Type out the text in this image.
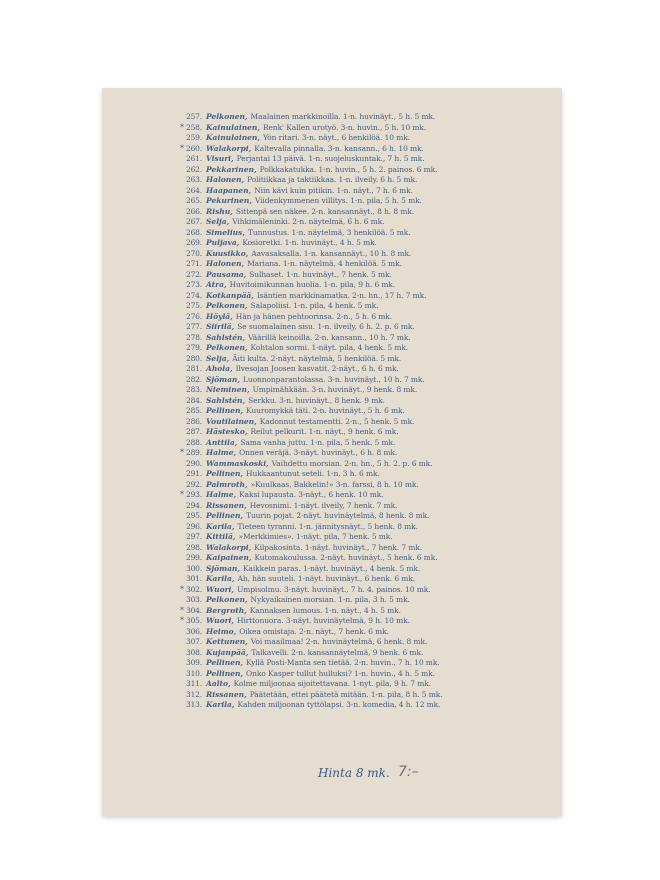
257. Pelkonen, Maalainen markkinoilla. 1-n. huvinäyt., 5 h. 5 mk.
* 258. Kainulainen, Renk' Kallen urotyö. 3-n. huvin., 5 h. 10 mk.
259. Kainulainen, Yön ritari. 3-n. näyt., 6 henkilöä. 10 mk.
* 260. Walakorpi, Kaltevalla pinnalla. 3-n. kansann., 6 h. 10 mk.
261. Visuri, Perjantai 13 päivä. 1-n. suojeluskuntak., 7 h. 5 mk.
262. Pekkarinen, Polkkakatukka. 1-n. huvin., 5 h. 2. painos. 6 mk.
263. Halonen, Politiikkaa ja taktiikkaa. 1-n. ilveily. 6 h. 5 mk.
264. Haapanen, Niin kävi kuin pitikin. 1-n. näyt., 7 h. 6 mk.
265. Pekurinen, Viidenkymmenen villitys. 1-n. pila, 5 h. 5 mk.
266. Rishu, Sittenpä sen näkee. 2-n. kansannäyt., 8 h. 8 mk.
267. Selja, Vihkimäleninki. 2-n. näytelmä, 6 h. 6 mk.
268. Simelius, Tunnustus. 1-n. näytelmä, 3 henkilöä. 5 mk.
269. Puljava, Kosioretki. 1-n. huvinäyt., 4 h. 5 mk.
270. Kuusikko, Aavasaksalla. 1-n. kansannäyt., 10 h. 8 mk.
271. Halonen, Mariana. 1-n. näytelmä, 4 henkilöä. 5 mk.
272. Pausama, Sulhaset. 1-n. huvinäyt., 7 henk. 5 mk.
273. Atra, Huvitoimikunnan huolia. 1-n. pila, 9 h. 6 mk.
274. Kotkanpää, Isäntien markkinamatka. 2-n. hn., 17 h. 7 mk.
275. Pelkonen, Salapoliisi. 1-n. pila, 4 henk. 5 mk.
276. Höylä, Hän ja hänen pehtoorinsa. 2-n., 5 h. 6 mk.
277. Siirilä, Se suomalainen sisu. 1-n. ilveily, 6 h. 2. p. 6 mk.
278. Sahlstén, Väärillä keinoilla. 2-n. kansann., 10 h. 7 mk.
279. Pelkonen, Kohtalon sormi. 1-näyt. pila, 4 henk. 5 mk.
280. Selja, Äiti kulta. 2-näyt. näytelmä, 5 henkilöä. 5 mk.
281. Ahola, Ilvesojan Joosen kasvatit. 2-näyt., 6 h. 6 mk.
282. Sjöman, Luonnonparantolassa. 3-n. huvinäyt., 10 h. 7 mk.
283. Nieminen, Umpimähkään. 3-n. huvinäyt., 9 henk. 8 mk.
284. Sahlstén, Serkku. 3-n. huvinäyt., 8 henk. 9 mk.
285. Pellinen, Kuuromykkä täti. 2-n. huvinäyt., 5 h. 6 mk.
286. Voutilainen, Kadonnut testamentti. 2-n., 5 henk. 5 mk.
287. Hästesko, Reilut pelkurit. 1-n. näyt., 9 henk. 6 mk.
288. Anttila, Sama vanha juttu. 1-n. pila, 5 henk. 5 mk.
* 289. Halme, Onnen veräjä. 3-näyt. huvinäyt., 6 h. 8 mk.
290. Wammaskoski, Vaihdettu morsian. 2-n. hn., 5 h. 2. p. 6 mk.
291. Pellinen, Hukkaantunut seteli. 1-n. 3 h. 6 mk.
292. Palmroth, »Kuulkaas, Bakkelin!» 3-n. farssi, 8 h. 10 mk.
* 293. Halme, Kaksi lupausta. 3-näyt., 6 henk. 10 mk.
294. Rissanen, Hevosnimi. 1-näyt. ilveily, 7 henk. 7 mk.
295. Pellinen, Tuurin pojat. 2-näyt. huvinäytelmä, 8 henk. 8 mk.
296. Karila, Tieteen tyranni. 1-n. jännitysnäyt., 5 henk. 8 mk.
297. Kittilä, »Merkkimies». 1-näyt. pila, 7 henk. 5 mk.
298. Walakorpi, Kilpakosinta. 1-näyt. huvinäyt., 7 henk. 7 mk.
299. Kaipainen, Kutomakoulussa. 2-näyt. huvinäyt., 5 henk. 6 mk.
300. Sjöman, Kaikkein paras. 1-näyt. huvinäyt., 4 henk. 5 mk.
301. Karila, Ah, hän suuteli. 1-näyt. huvinäyt., 6 henk. 6 mk.
* 302. Wuori, Umpisolmu. 3-näyt. huvinäyt., 7 h. 4. painos. 10 mk.
303. Pelkonen, Nykyaikainen morsian. 1-n. pila, 3 h. 5 mk.
* 304. Bergroth, Kannaksen lumous. 1-n. näyt., 4 h. 5 mk.
* 305. Wuori, Hirttonuora. 3-näyt. huvinäytelmä, 9 h. 10 mk.
306. Heimo, Oikea omistaja. 2-n. näyt., 7 henk. 6 mk.
307. Kettunen, Voi maailmaa! 2-n. huvinäytelmä, 6 henk. 8 mk.
308. Kujanpää, Talkavelli. 2-n. kansannäytelmä, 9 henk. 6 mk.
309. Pellinen, Kyllä Posti-Manta sen tietää. 2-n. huvin., 7 h. 10 mk.
310. Pellinen, Onko Kasper tullut hulluksi? 1-n. huvin., 4 h. 5 mk.
311. Aalto, Kolme miljoonaa sijoitettavana. 1-nyt. pila, 9 h. 7 mk.
312. Rissanen, Päätetään, ettei päätetä mitään. 1-n. pila, 8 h. 5 mk.
313. Karila, Kahden miljoonan tyttölapsi. 3-n. komedia, 4 h. 12 mk.
Hinta 8 mk. 7:–
